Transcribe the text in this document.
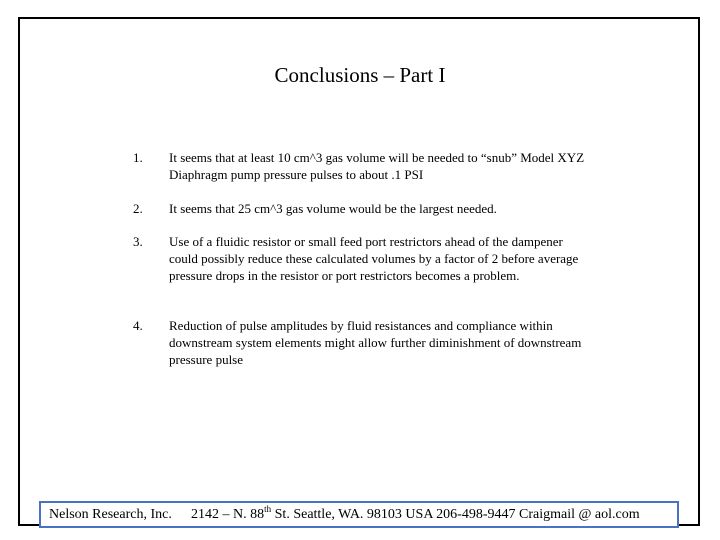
Conclusions – Part I
1.	It seems that at least 10 cm^3 gas volume will be needed to “snub” Model XYZ Diaphragm pump pressure pulses to about .1 PSI
2.	It seems that 25 cm^3 gas volume would be the largest needed.
3.	Use of a fluidic resistor or small feed port restrictors ahead of the dampener could possibly reduce these calculated volumes by a factor of 2 before average pressure drops in the resistor or port restrictors becomes a problem.
4.	Reduction of pulse amplitudes by fluid resistances and compliance within downstream system elements might allow further diminishment of downstream pressure pulse
Nelson Research, Inc. 2142 – N. 88th St. Seattle, WA. 98103 USA 206-498-9447 Craigmail @ aol.com
